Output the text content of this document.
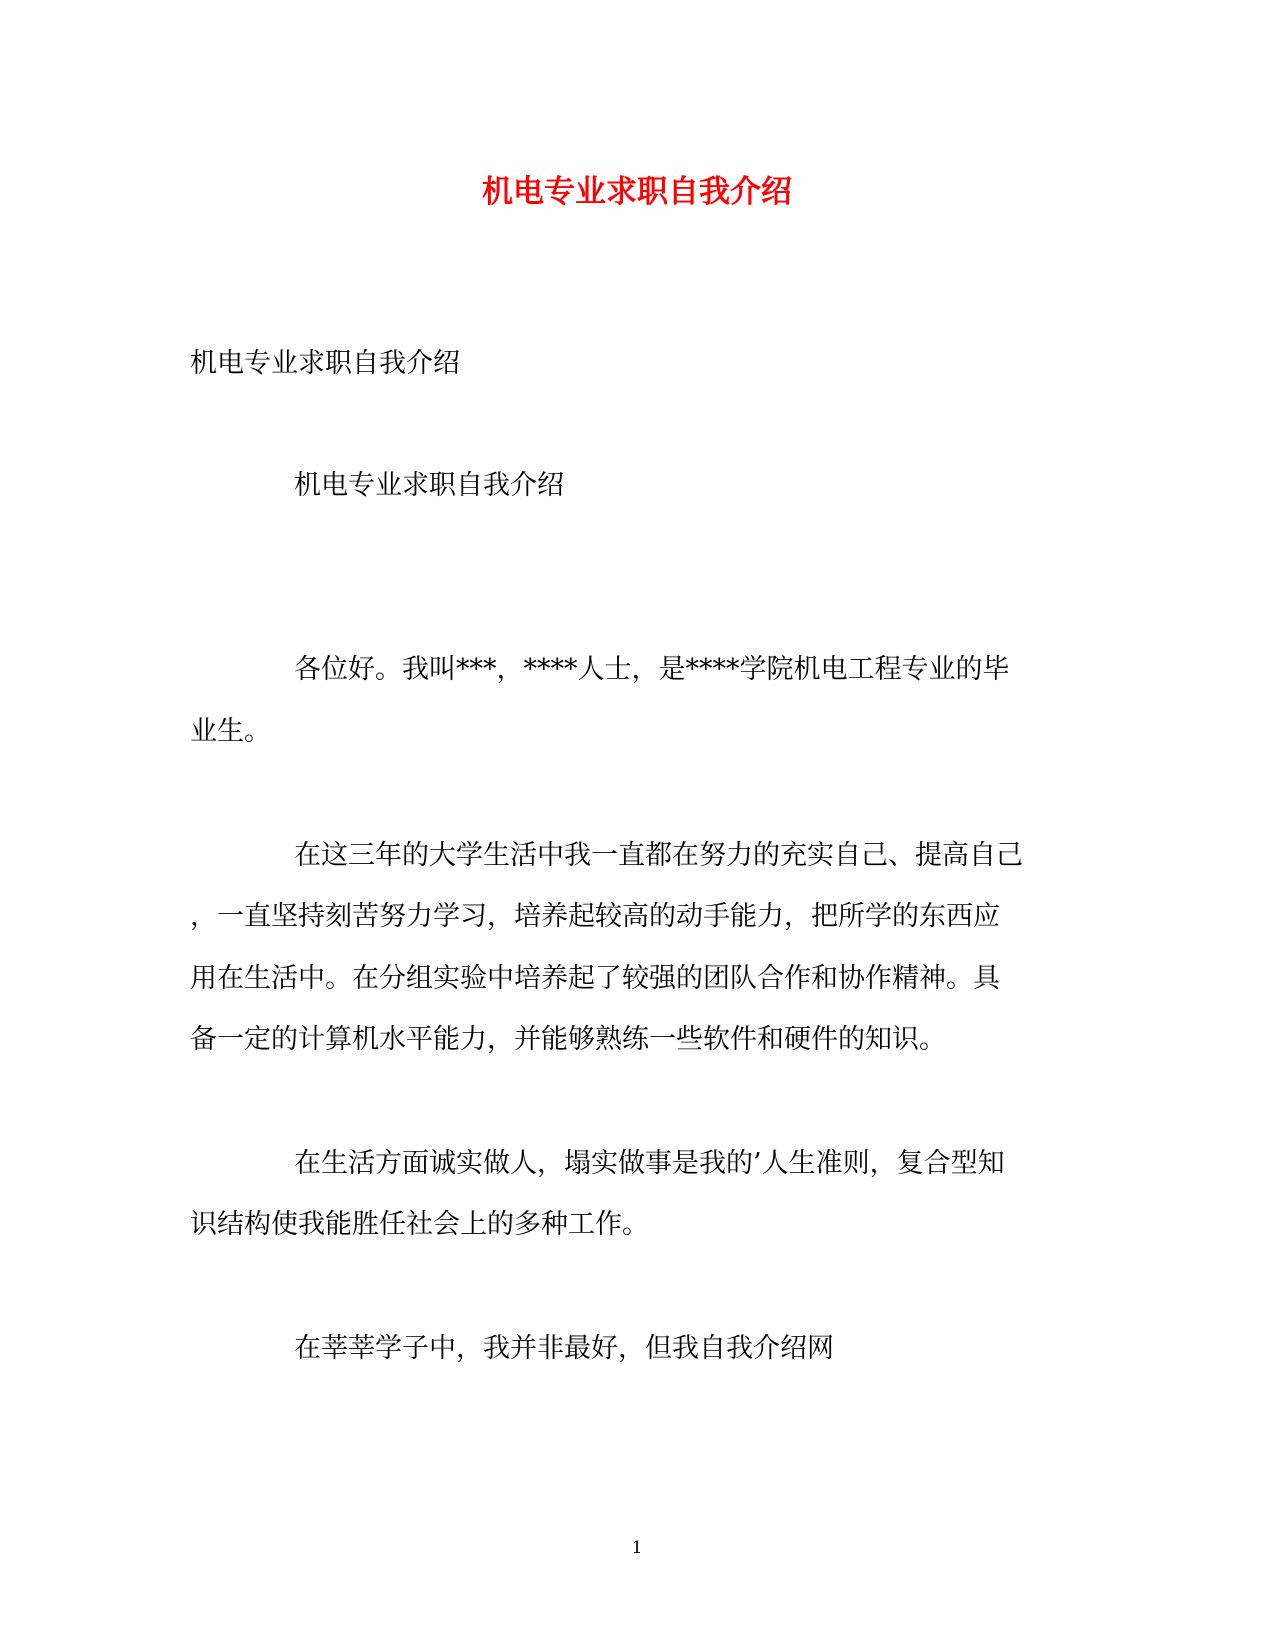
机电专业求职自我介绍

机电专业求职自我介绍

机电专业求职自我介绍

各位好。我叫***，****人士，是****学院机电工程专业的毕

业生。

在这三年的大学生活中我一直都在努力的充实自己、提高自己

，一直坚持刻苦努力学习，培养起较高的动手能力，把所学的东西应

用在生活中。在分组实验中培养起了较强的团队合作和协作精神。具

备一定的计算机水平能力，并能够熟练一些软件和硬件的知识。

在生活方面诚实做人，塌实做事是我的’人生准则，复合型知

识结构使我能胜任社会上的多种工作。

在莘莘学子中，我并非最好，但我自我介绍网

1
